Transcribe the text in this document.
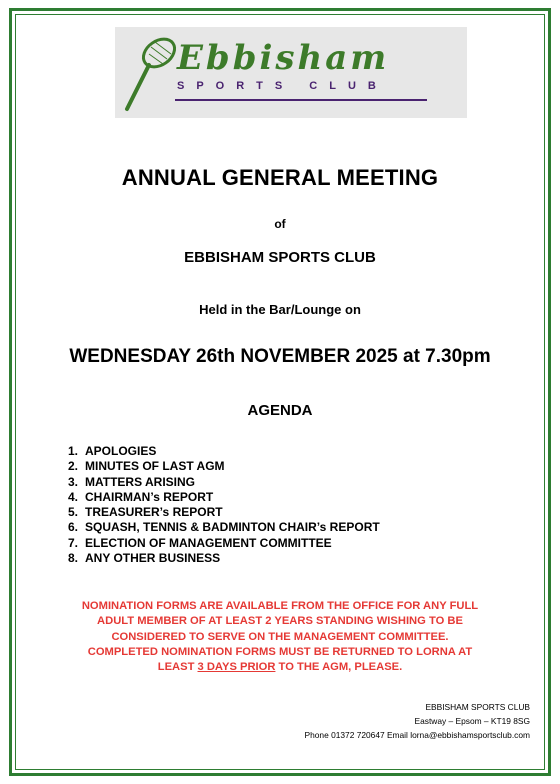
Ebbisham
SPORTS CLUB
ANNUAL GENERAL MEETING
of
EBBISHAM SPORTS CLUB
Held in the Bar/Lounge on
WEDNESDAY 26th NOVEMBER 2025 at 7.30pm
AGENDA
1. APOLOGIES
2. MINUTES OF LAST AGM
3. MATTERS ARISING
4. CHAIRMAN’s REPORT
5. TREASURER’s REPORT
6. SQUASH, TENNIS & BADMINTON CHAIR’s REPORT
7. ELECTION OF MANAGEMENT COMMITTEE
8. ANY OTHER BUSINESS
NOMINATION FORMS ARE AVAILABLE FROM THE OFFICE FOR ANY FULL
ADULT MEMBER OF AT LEAST 2 YEARS STANDING WISHING TO BE
CONSIDERED TO SERVE ON THE MANAGEMENT COMMITTEE.
COMPLETED NOMINATION FORMS MUST BE RETURNED TO LORNA AT
LEAST 3 DAYS PRIOR TO THE AGM, PLEASE.
EBBISHAM SPORTS CLUB
Eastway – Epsom – KT19 8SG
Phone 01372 720647 Email lorna@ebbishamsportsclub.com
